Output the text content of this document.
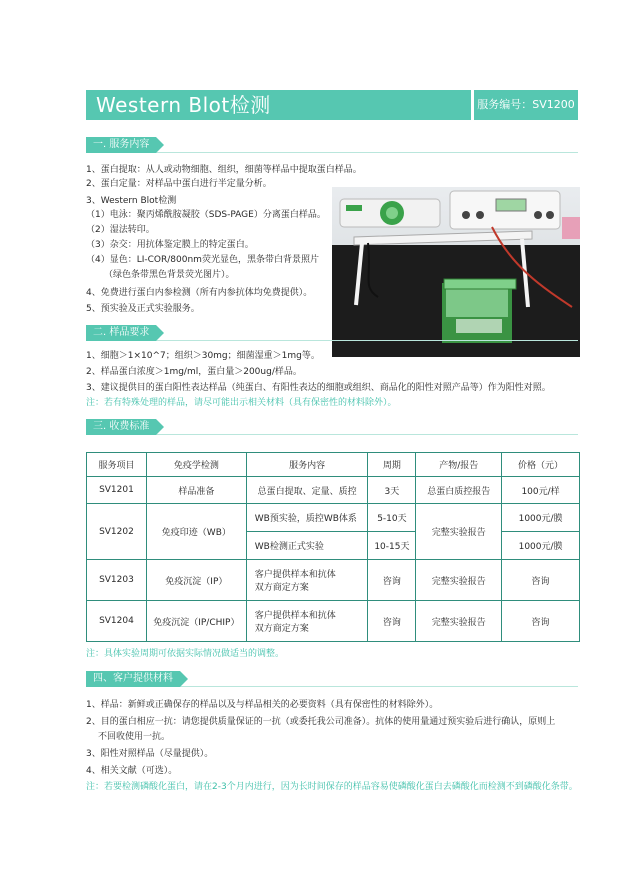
Western Blot检测	服务编号：SV1200
一. 服务内容
1、蛋白提取：从人或动物细胞、组织，细菌等样品中提取蛋白样品。
2、蛋白定量：对样品中蛋白进行半定量分析。
3、Western Blot检测
（1）电泳：聚丙烯酰胺凝胶（SDS-PAGE）分离蛋白样品。
（2）湿法转印。
（3）杂交：用抗体鉴定膜上的特定蛋白。
（4）显色：LI-COR/800nm荧光显色，黑条带白背景照片
（绿色条带黑色背景荧光图片）。
4、免费进行蛋白内参检测（所有内参抗体均免费提供）。
5、预实验及正式实验服务。
二. 样品要求
1、细胞＞1×10^7；组织＞30mg；细菌湿重＞1mg等。
2、样品蛋白浓度＞1mg/ml，蛋白量＞200ug/样品。
3、建议提供目的蛋白阳性表达样品（纯蛋白、有阳性表达的细胞或组织、商品化的阳性对照产品等）作为阳性对照。
注：若有特殊处理的样品，请尽可能出示相关材料（具有保密性的材料除外）。
三. 收费标准
服务项目	免疫学检测	服务内容	周期	产物/报告	价格（元）
SV1201	样品准备	总蛋白提取、定量、质控	3天	总蛋白质控报告	100元/样
SV1202	免疫印迹（WB）	WB预实验，质控WB体系	5-10天	完整实验报告	1000元/膜
		WB检测正式实验	10-15天		1000元/膜
SV1203	免疫沉淀（IP）	客户提供样本和抗体
双方商定方案	咨询	完整实验报告	咨询
SV1204	免疫沉淀（IP/CHIP）	客户提供样本和抗体
双方商定方案	咨询	完整实验报告	咨询
注：具体实验周期可依据实际情况做适当的调整。
四、客户提供材料
1、样品：新鲜或正确保存的样品以及与样品相关的必要资料（具有保密性的材料除外）。
2、目的蛋白相应一抗：请您提供质量保证的一抗（或委托我公司准备）。抗体的使用量通过预实验后进行确认，原则上
不回收使用一抗。
3、阳性对照样品（尽量提供）。
4、相关文献（可选）。
注：若要检测磷酸化蛋白，请在2-3个月内进行，因为长时间保存的样品容易使磷酸化蛋白去磷酸化而检测不到磷酸化条带。
